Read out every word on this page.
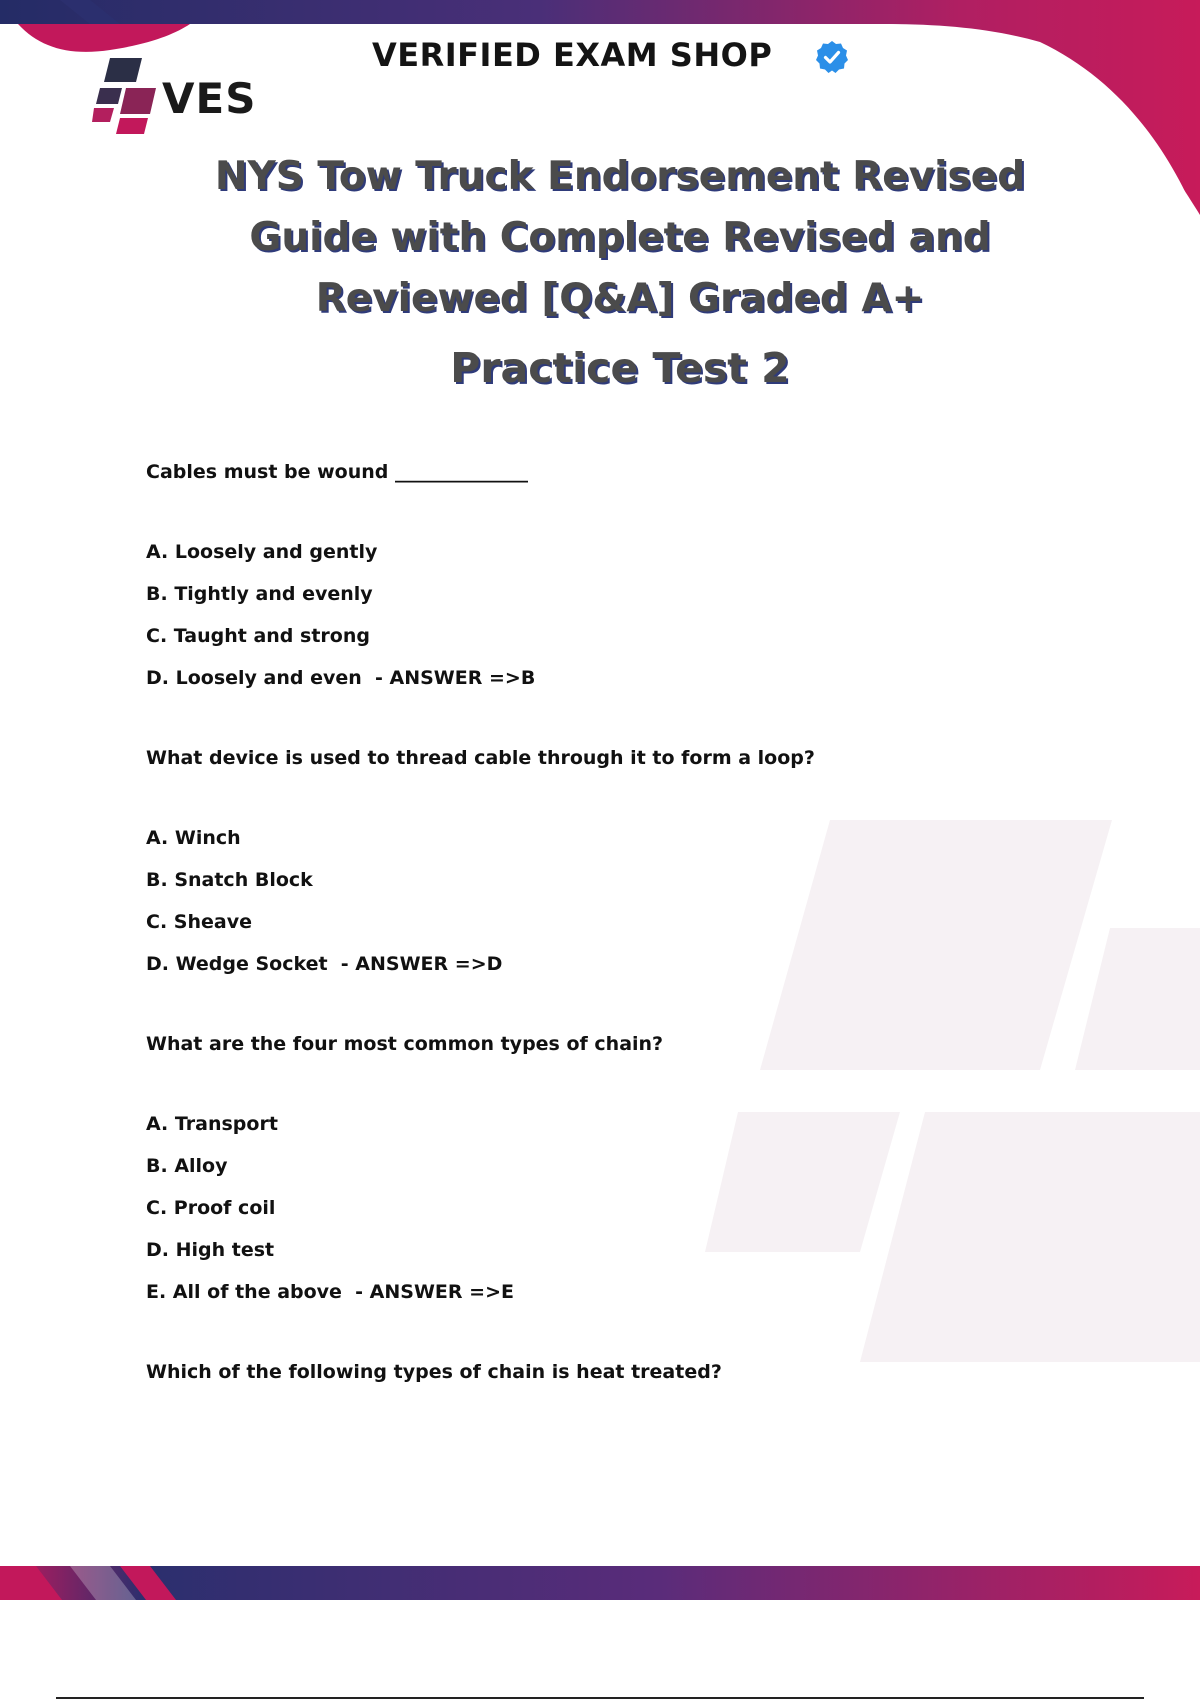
VERIFIED EXAM SHOP
VES
NYS Tow Truck Endorsement Revised
Guide with Complete Revised and
Reviewed [Q&A] Graded A+
Practice Test 2

Cables must be wound ______________

A. Loosely and gently
B. Tightly and evenly
C. Taught and strong
D. Loosely and even  - ANSWER =>B

What device is used to thread cable through it to form a loop?

A. Winch
B. Snatch Block
C. Sheave
D. Wedge Socket  - ANSWER =>D

What are the four most common types of chain?

A. Transport
B. Alloy
C. Proof coil
D. High test
E. All of the above  - ANSWER =>E

Which of the following types of chain is heat treated?
